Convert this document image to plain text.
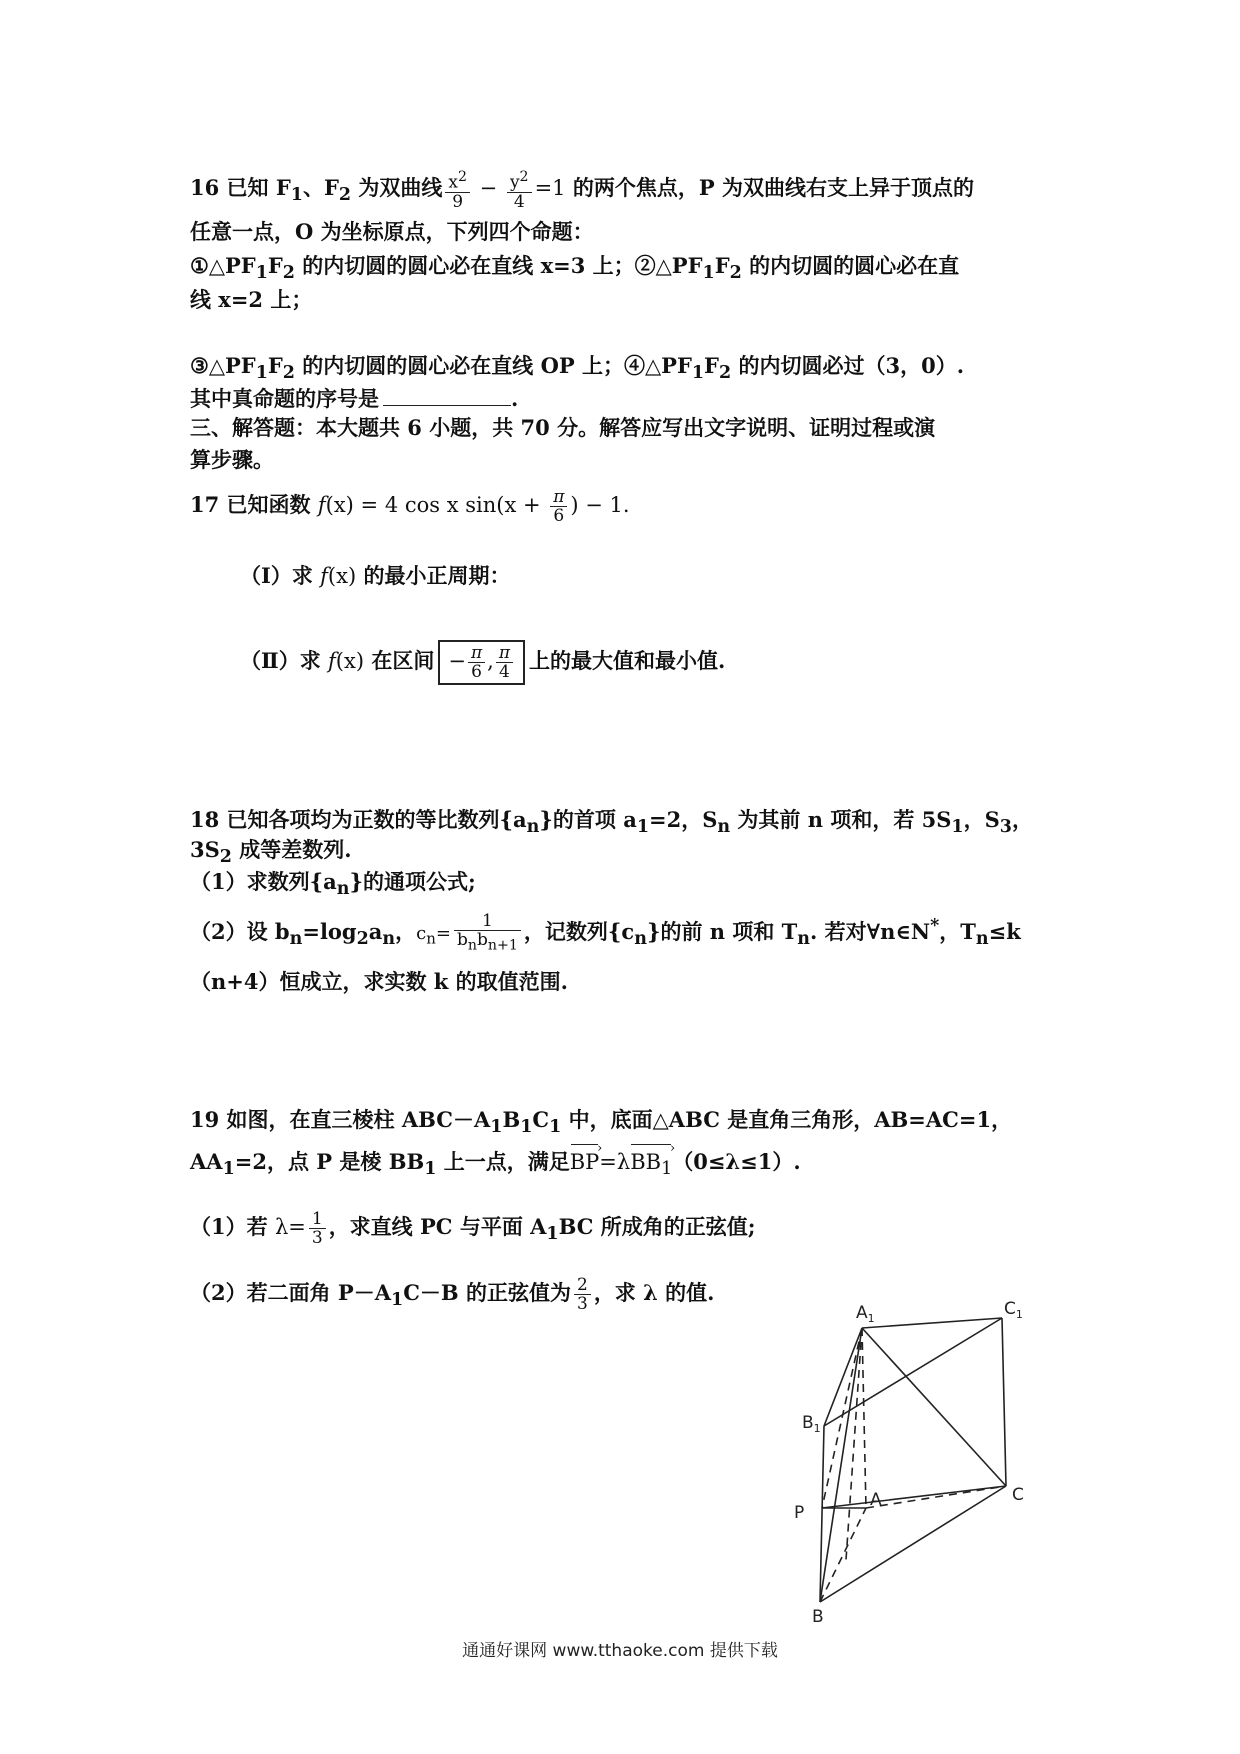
16 已知 $F_1$、$F_2$ 为双曲线 $\frac{x^2}{9} - \frac{y^2}{4} =1$ 的两个焦点，P 为双曲线右支上异于顶点的
任意一点，O 为坐标原点，下列四个命题：
$①\triangle PF_1F_2$ 的内切圆的圆心必在直线 x=3 上；$②\triangle PF_1F_2$ 的内切圆的圆心必在直
线 x=2 上；
$③\triangle PF_1F_2$ 的内切圆的圆心必在直线 OP 上；$④\triangle PF_1F_2$ 的内切圆必过（3，0）.
其中真命题的序号是	.
三、解答题：本大题共 6 小题，共 70 分。解答应写出文字说明、证明过程或演
算步骤。
17 已知函数 f(x) = 4 cos x $\sin(x + \frac{\pi}{6}$ ) − 1.
（Ⅰ）求 f(x) 的最小正周期：
（Ⅱ）求 f(x) 在区间 − $\frac{\pi}{6}$ , $\frac{\pi}{4}$ 上的最大值和最小值.
18 已知各项均为正数的等比数列$\{a_n\}$的首项 $a_1=2$，$S_n$ 为其前 n 项和，若 $5S_1$，$S_3$，
$3S_2$ 成等差数列.
（1）求数列$\{a_n\}$的通项公式;
（2）设 $b_n=\log_2a_n$，$c_n= \frac{1}{b_nb_{n+1}}$ ，记数列$\{c_n\}$的前 n 项和 $T_n$. 若对∀n∈N*，$T_n\le k$
（n+4）恒成立，求实数 k 的取值范围.
19 如图，在直三棱柱 $ABC-A_1B_1C_1$ 中，底面△ABC 是直角三角形，AB=AC=1，
$AA_1=2$，点 P 是棱 $BB_1$ 上一点，满足BP ›=λBB$_1$ ›（0≤λ≤1）.
（1）若 $\lambda= \frac{1}{3}$ ，求直线 PC 与平面 $A_1BC$ 所成角的正弦值;
（2）若二面角 $P-A_1C-B$ 的正弦值为 $\frac{2}{3}$ ，求 λ 的值.
$A_1$	$C_1$
$B_1$
A
P
C
B
通通好课网 www.tthaoke.com 提供下载
